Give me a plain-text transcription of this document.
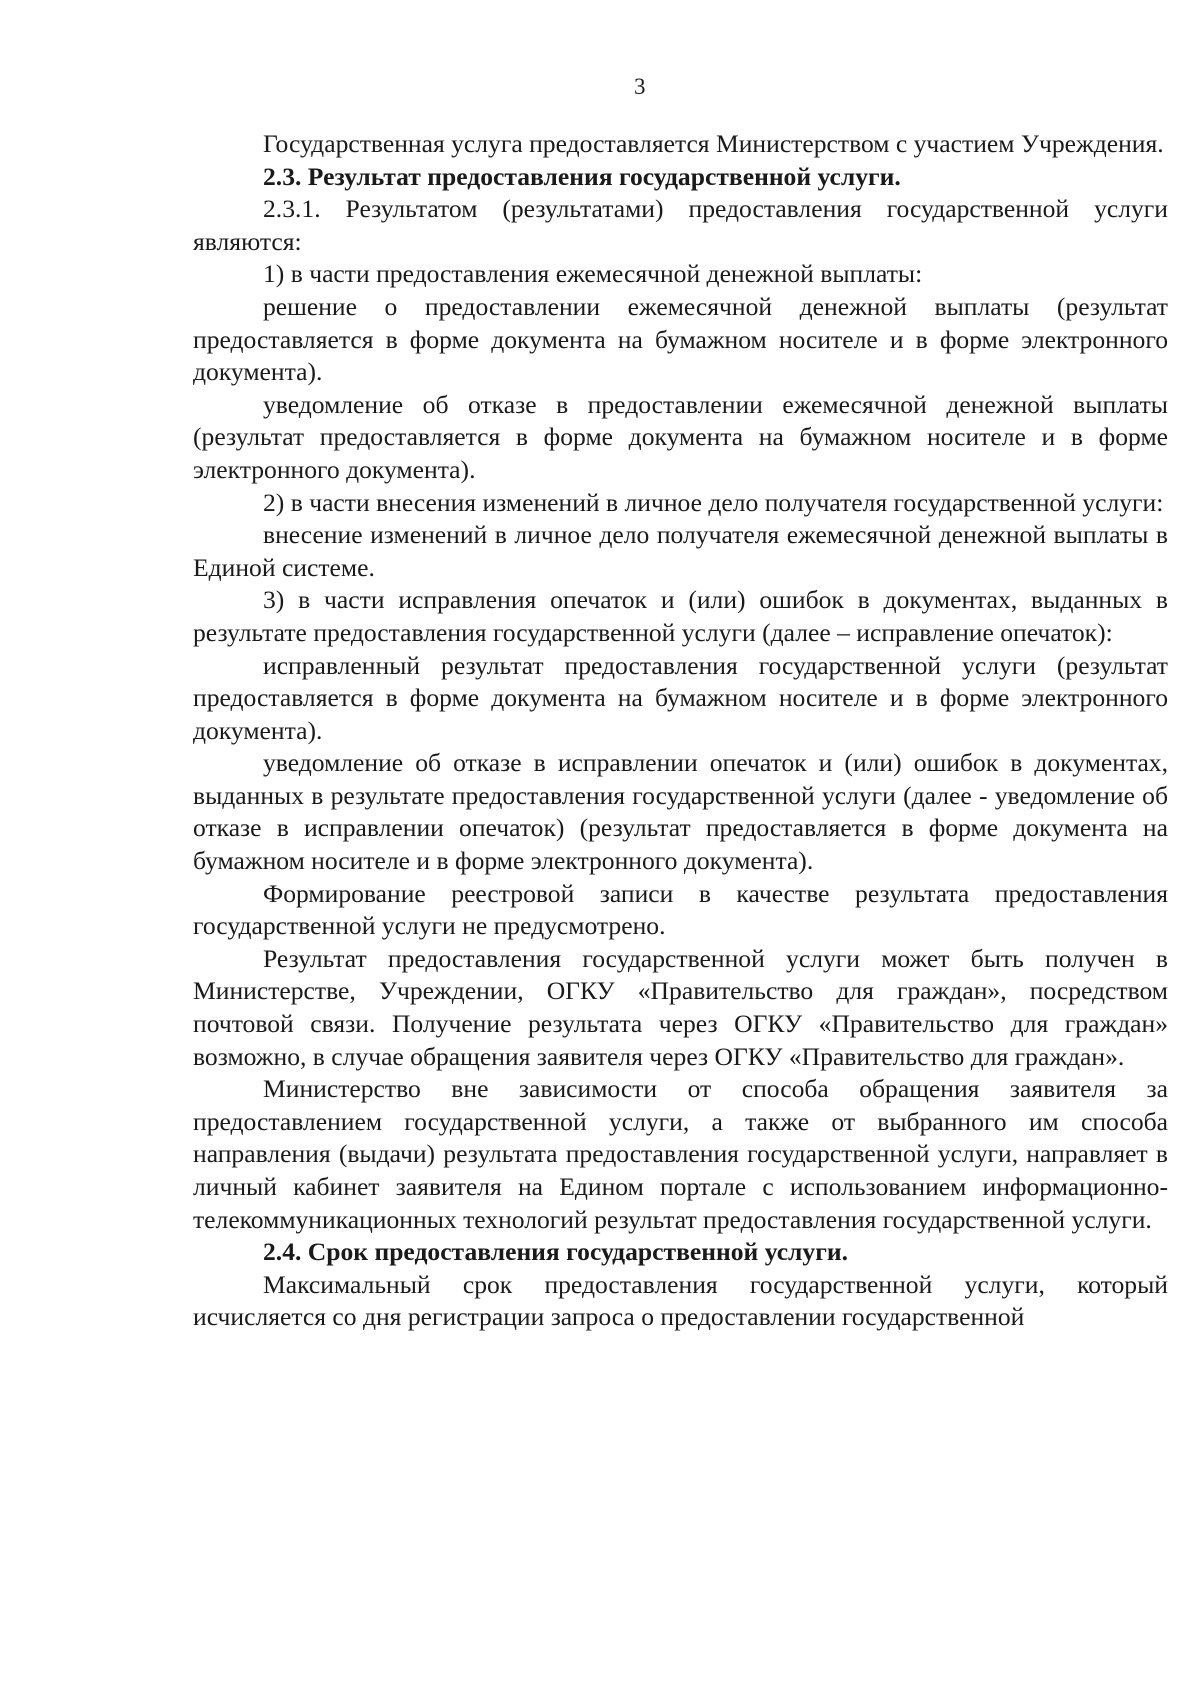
3

Государственная услуга предоставляется Министерством с участием Учреждения.

2.3. Результат предоставления государственной услуги.

2.3.1. Результатом (результатами) предоставления государственной услуги являются:

1) в части предоставления ежемесячной денежной выплаты:

решение о предоставлении ежемесячной денежной выплаты (результат предоставляется в форме документа на бумажном носителе и в форме электронного документа).

уведомление об отказе в предоставлении ежемесячной денежной выплаты (результат предоставляется в форме документа на бумажном носителе и в форме электронного документа).

2) в части внесения изменений в личное дело получателя государственной услуги:

внесение изменений в личное дело получателя ежемесячной денежной выплаты в Единой системе.

3) в части исправления опечаток и (или) ошибок в документах, выданных в результате предоставления государственной услуги (далее – исправление опечаток):

исправленный результат предоставления государственной услуги (результат предоставляется в форме документа на бумажном носителе и в форме электронного документа).

уведомление об отказе в исправлении опечаток и (или) ошибок в документах, выданных в результате предоставления государственной услуги (далее - уведомление об отказе в исправлении опечаток) (результат предоставляется в форме документа на бумажном носителе и в форме электронного документа).

Формирование реестровой записи в качестве результата предоставления государственной услуги не предусмотрено.

Результат предоставления государственной услуги может быть получен в Министерстве, Учреждении, ОГКУ «Правительство для граждан», посредством почтовой связи. Получение результата через ОГКУ «Правительство для граждан» возможно, в случае обращения заявителя через ОГКУ «Правительство для граждан».

Министерство вне зависимости от способа обращения заявителя за предоставлением государственной услуги, а также от выбранного им способа направления (выдачи) результата предоставления государственной услуги, направляет в личный кабинет заявителя на Едином портале с использованием информационно-телекоммуникационных технологий результат предоставления государственной услуги.

2.4. Срок предоставления государственной услуги.

Максимальный срок предоставления государственной услуги, который исчисляется со дня регистрации запроса о предоставлении государственной
